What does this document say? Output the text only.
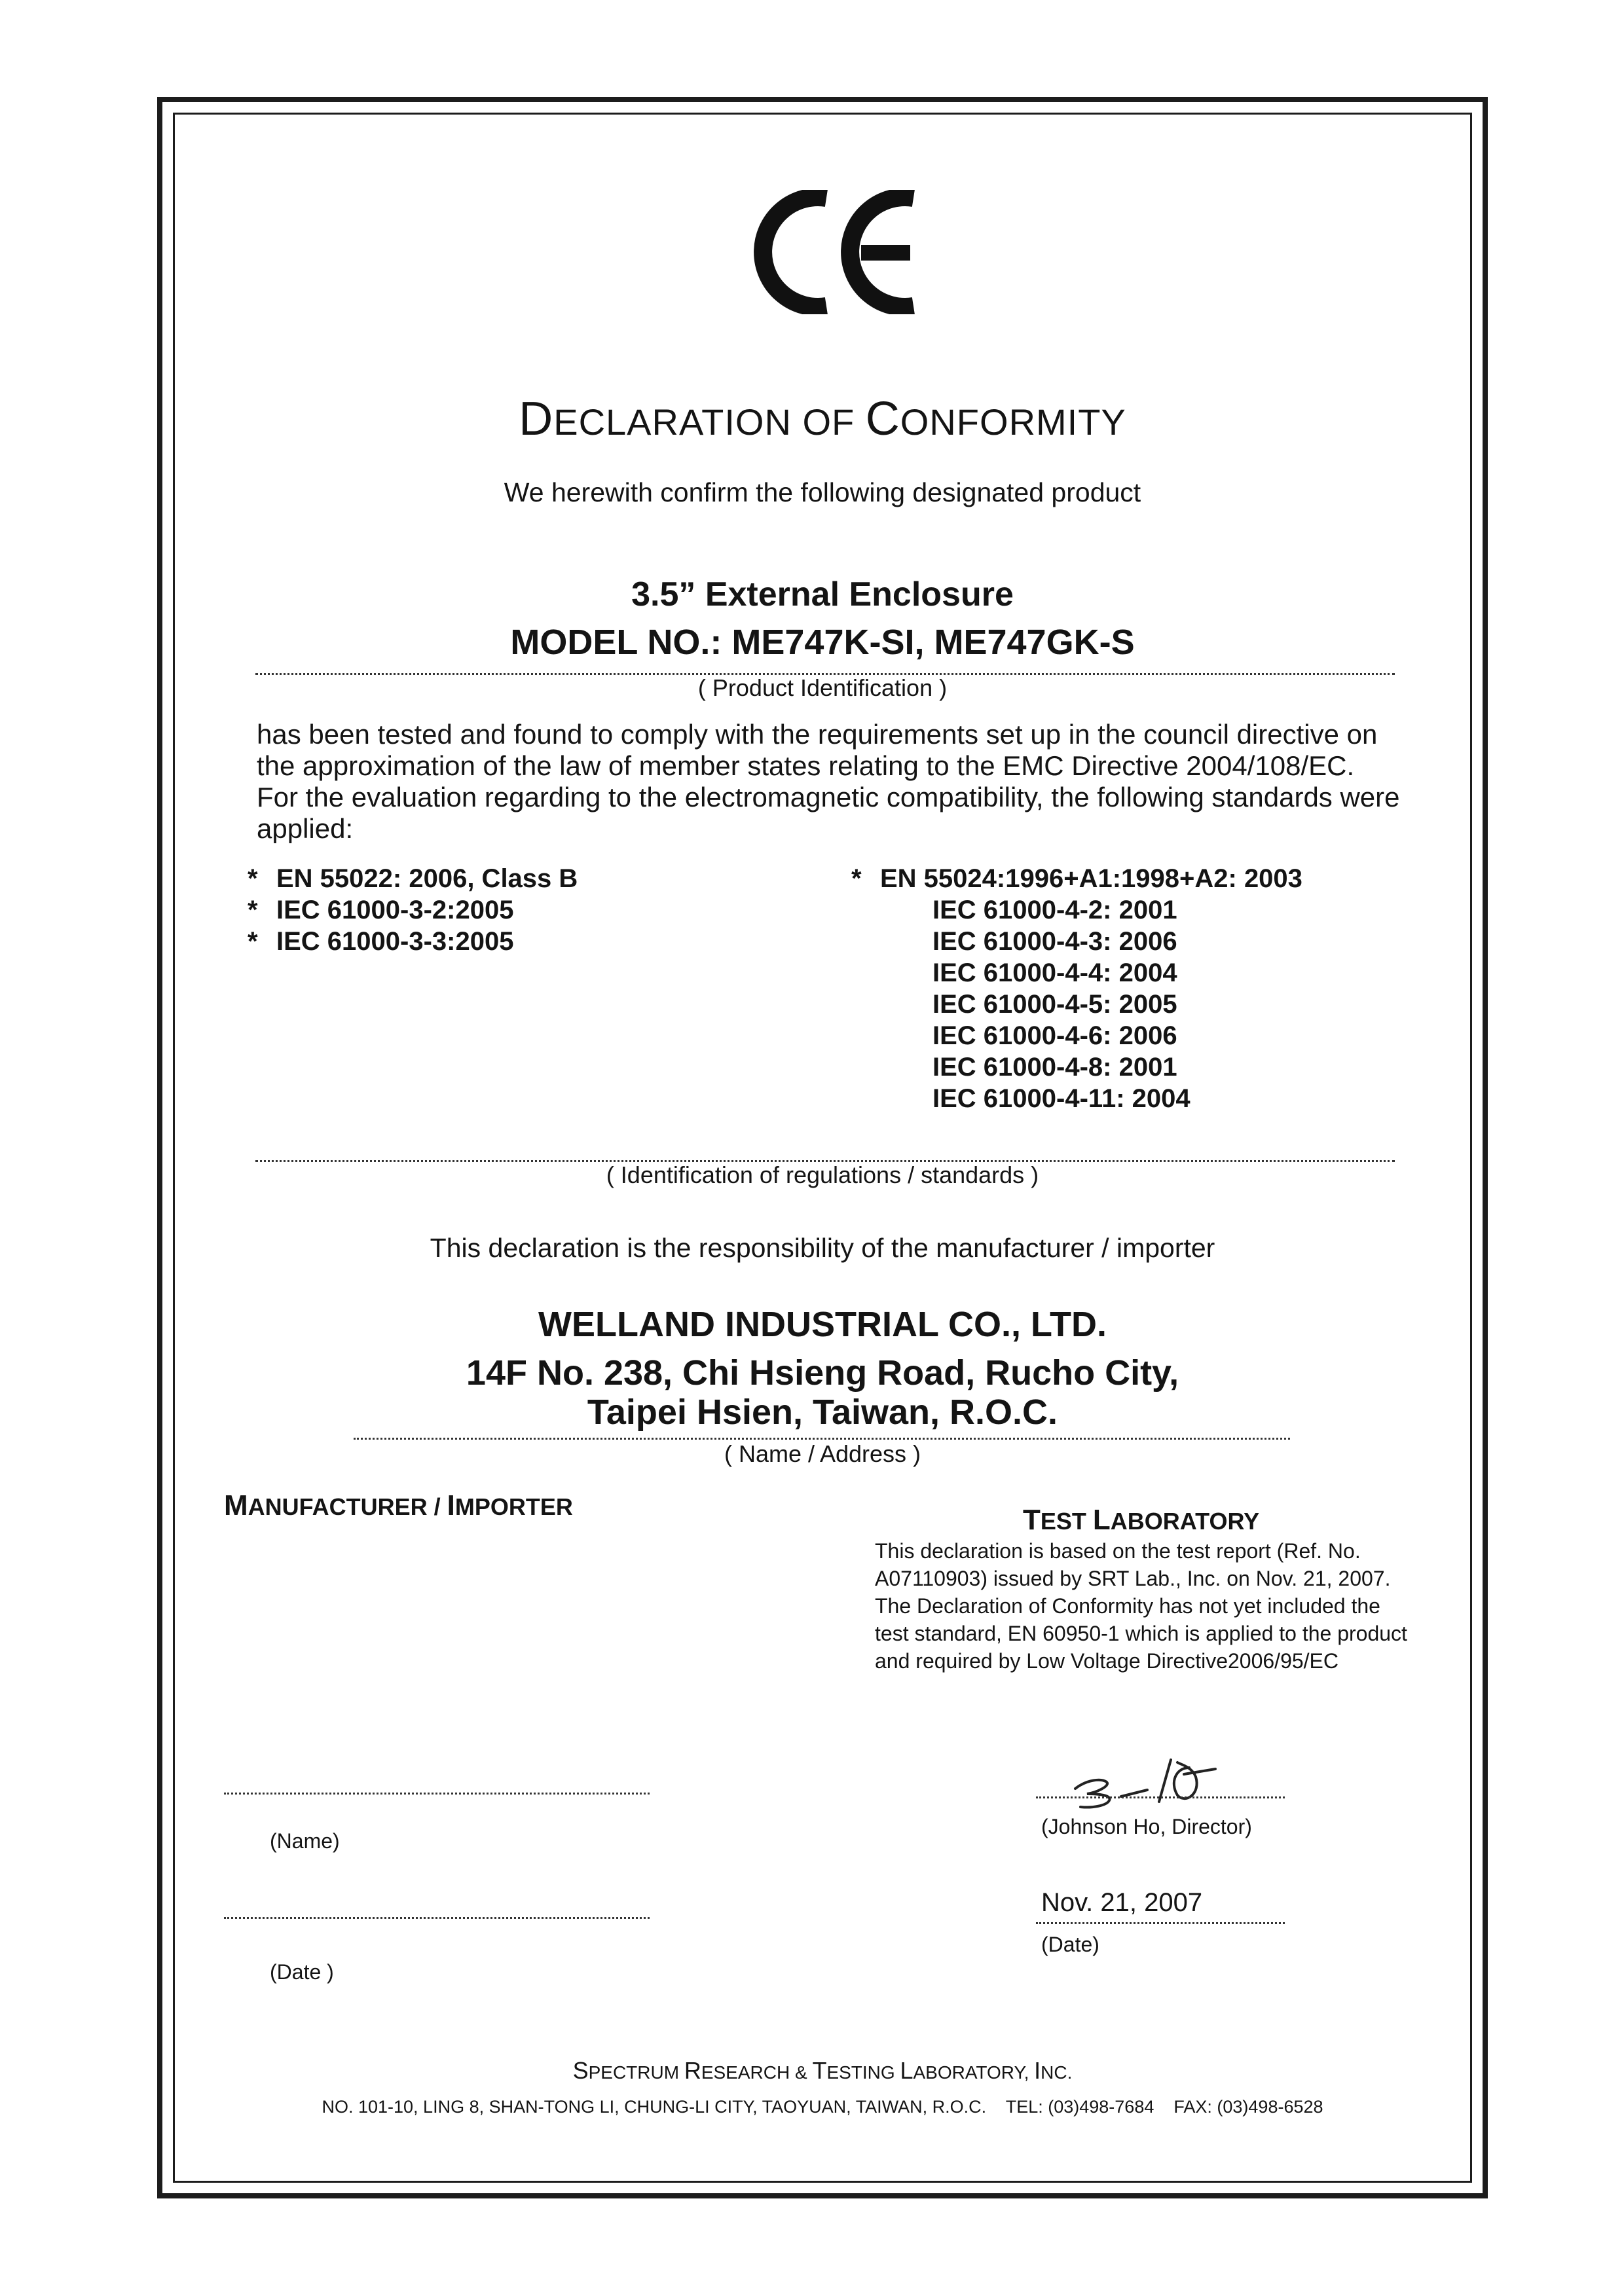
DECLARATION OF CONFORMITY
We herewith confirm the following designated product
3.5” External Enclosure
MODEL NO.: ME747K-SI, ME747GK-S
( Product Identification )
has been tested and found to comply with the requirements set up in the council directive on
the approximation of the law of member states relating to the EMC Directive 2004/108/EC.
For the evaluation regarding to the electromagnetic compatibility, the following standards were
applied:
* EN 55022: 2006, Class B
* IEC 61000-3-2:2005
* IEC 61000-3-3:2005
* EN 55024:1996+A1:1998+A2: 2003
IEC 61000-4-2: 2001
IEC 61000-4-3: 2006
IEC 61000-4-4: 2004
IEC 61000-4-5: 2005
IEC 61000-4-6: 2006
IEC 61000-4-8: 2001
IEC 61000-4-11: 2004
( Identification of regulations / standards )
This declaration is the responsibility of the manufacturer / importer
WELLAND INDUSTRIAL CO., LTD.
14F No. 238, Chi Hsieng Road, Rucho City,
Taipei Hsien, Taiwan, R.O.C.
( Name / Address )
MANUFACTURER / IMPORTER
(Name)
(Date )
TEST LABORATORY
This declaration is based on the test report (Ref. No.
A07110903) issued by SRT Lab., Inc. on Nov. 21, 2007.
The Declaration of Conformity has not yet included the
test standard, EN 60950-1 which is applied to the product
and required by Low Voltage Directive2006/95/EC
(Johnson Ho, Director)
Nov. 21, 2007
(Date)
SPECTRUM RESEARCH & TESTING LABORATORY, INC.
NO. 101-10, LING 8, SHAN-TONG LI, CHUNG-LI CITY, TAOYUAN, TAIWAN, R.O.C. TEL: (03)498-7684 FAX: (03)498-6528
